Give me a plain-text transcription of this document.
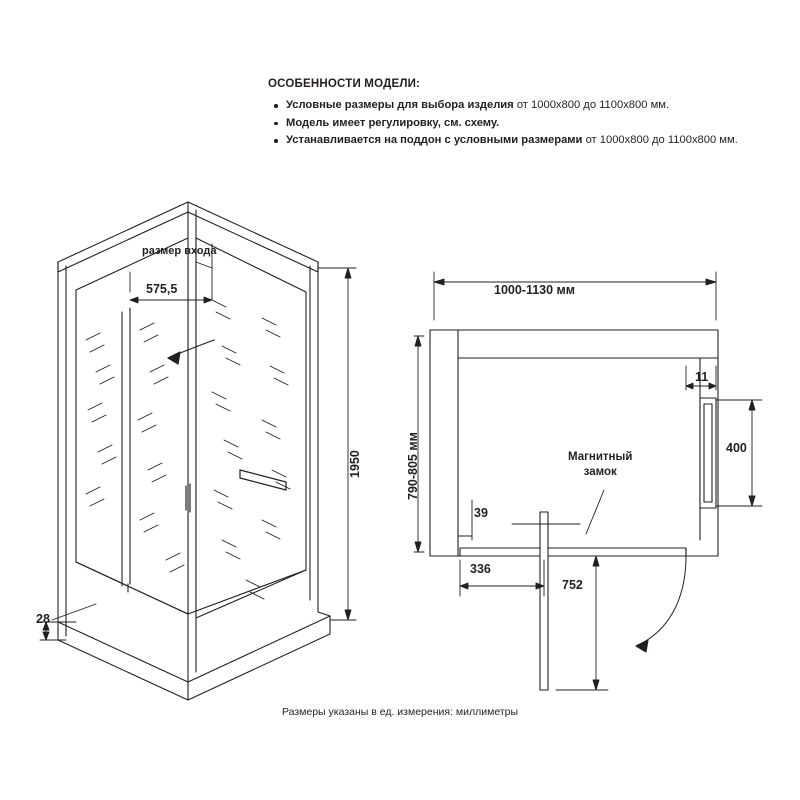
ОСОБЕННОСТИ МОДЕЛИ:
Условные размеры для выбора изделия от 1000х800 до 1100х800 мм.
Модель имеет регулировку, см. схему.
Устанавливается на поддон с условными размерами от 1000х800 до 1100х800 мм.
размер входа
575,5
1950
28
1000-1130 мм
790-805 мм
11
400
39
336
752
Магнитный
замок
Размеры указаны в ед. измерения: миллиметры
